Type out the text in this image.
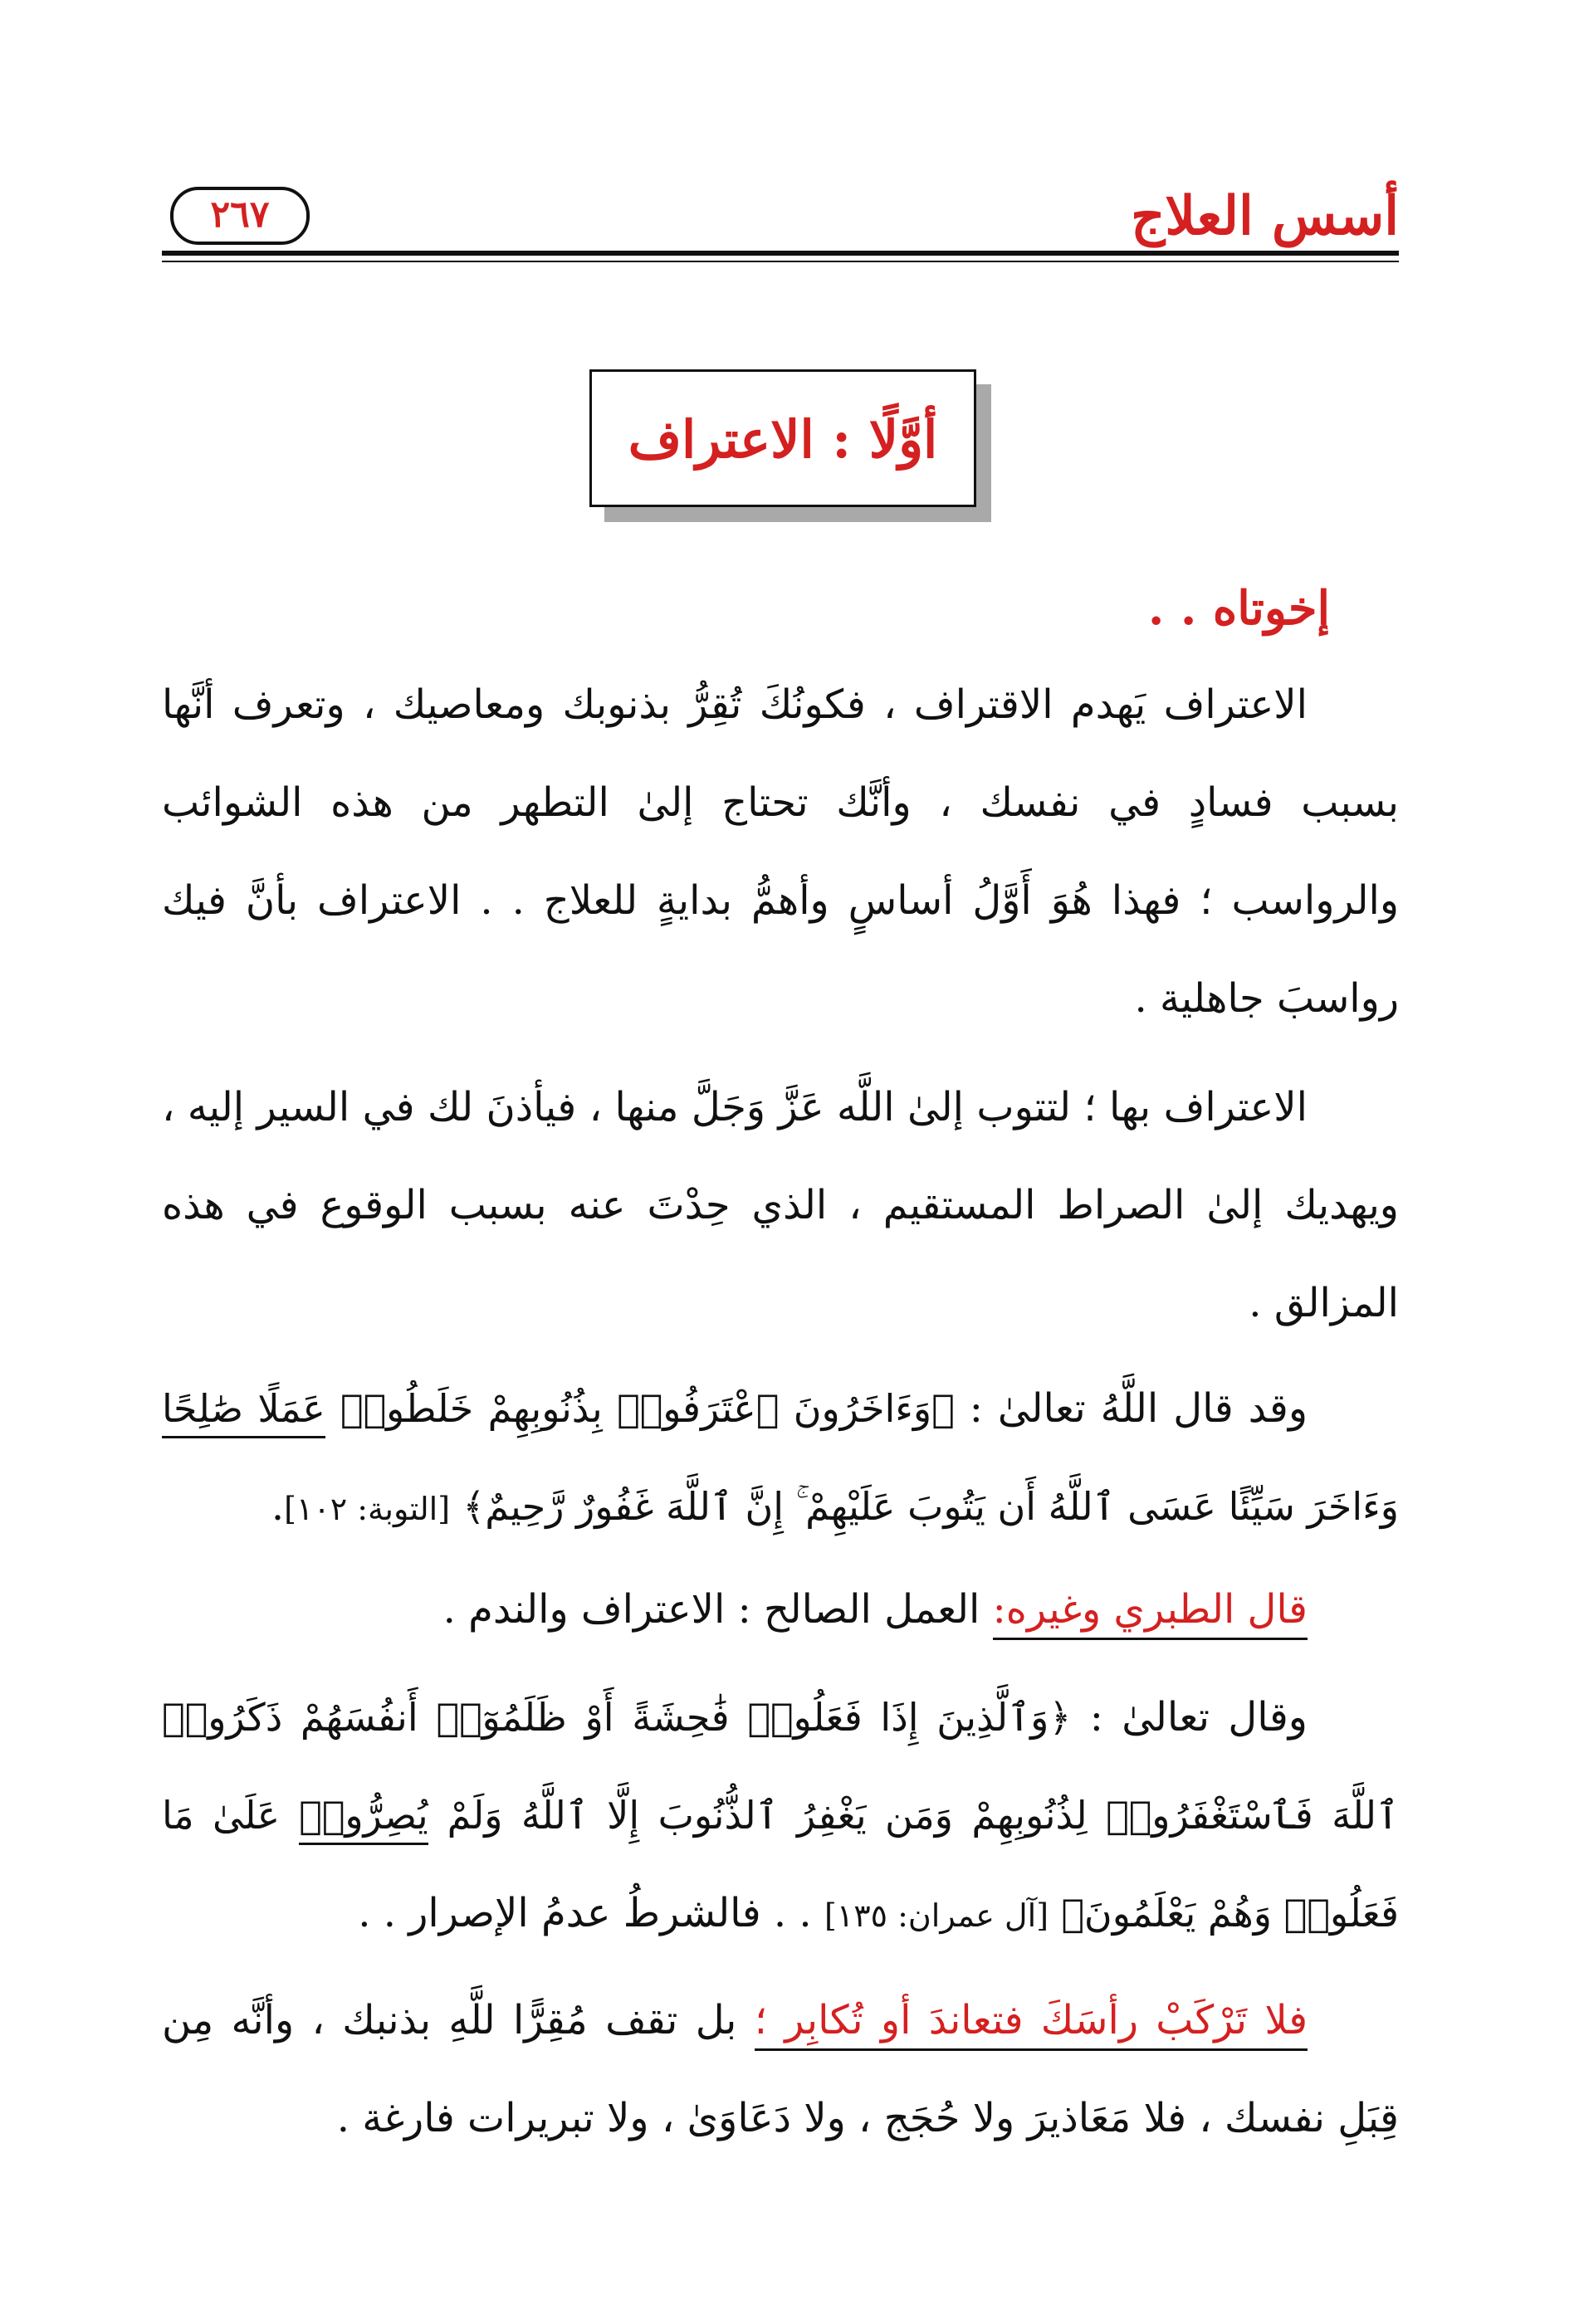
أسس العلاج
٢٦٧
أوَّلًا : الاعتراف
إخوتاه . .
الاعتراف يَهدم الاقتراف ، فكونُكَ تُقِرُّ بذنوبك ومعاصيك ، وتعرف أنَّها بسبب فسادٍ في نفسك ، وأنَّك تحتاج إلىٰ التطهر من هذه الشوائب والرواسب ؛ فهذا هُوَ أَوَّلُ أساسٍ وأهمُّ بدايةٍ للعلاج . . الاعتراف بأنَّ فيك رواسبَ جاهلية .
الاعتراف بها ؛ لتتوب إلىٰ اللَّه عَزَّ وَجَلَّ منها ، فيأذنَ لك في السير إليه ، ويهديك إلىٰ الصراط المستقيم ، الذي حِدْتَ عنه بسبب الوقوع في هذه المزالق .
وقد قال اللَّهُ تعالىٰ : ﴿وَءَاخَرُونَ ٱعْتَرَفُوا۟ بِذُنُوبِهِمْ خَلَطُوا۟ عَمَلًا صَٰلِحًا وَءَاخَرَ سَيِّئًا عَسَى ٱللَّهُ أَن يَتُوبَ عَلَيْهِمْ ۚ إِنَّ ٱللَّهَ غَفُورٌ رَّحِيمٌ﴾ [التوبة: ١٠٢].
قال الطبري وغيره: العمل الصالح : الاعتراف والندم .
وقال تعالىٰ : ﴿وَٱلَّذِينَ إِذَا فَعَلُوا۟ فَٰحِشَةً أَوْ ظَلَمُوٓا۟ أَنفُسَهُمْ ذَكَرُوا۟ ٱللَّهَ فَٱسْتَغْفَرُوا۟ لِذُنُوبِهِمْ وَمَن يَغْفِرُ ٱلذُّنُوبَ إِلَّا ٱللَّهُ وَلَمْ يُصِرُّوا۟ عَلَىٰ مَا فَعَلُوا۟ وَهُمْ يَعْلَمُونَ﴾ [آل عمران: ١٣٥] . . فالشرطُ عدمُ الإصرار . .
فلا تَرْكَبْ رأسَكَ فتعاندَ أو تُكابِر ؛ بل تقف مُقِرًّا للَّهِ بذنبك ، وأنَّه مِن قِبَلِ نفسك ، فلا مَعَاذيرَ ولا حُجَج ، ولا دَعَاوَىٰ ، ولا تبريرات فارغة .
